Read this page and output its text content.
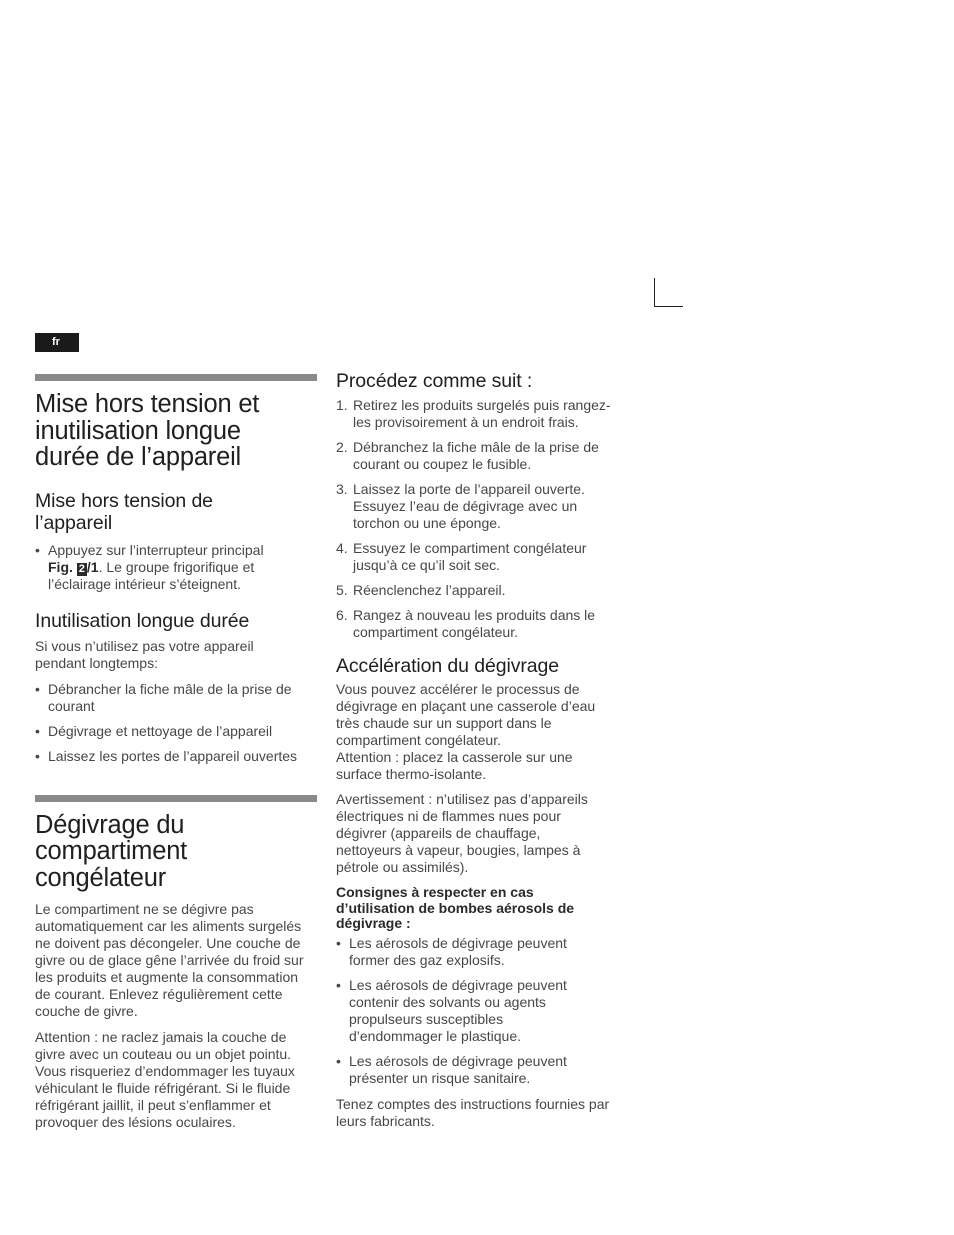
fr
Mise hors tension et inutilisation longue durée de l’appareil
Mise hors tension de l’appareil
• Appuyez sur l’interrupteur principal Fig. 2 /1. Le groupe frigorifique et l’éclairage intérieur s’éteignent.
Inutilisation longue durée

Si vous n’utilisez pas votre appareil pendant longtemps:

• Débrancher la fiche mâle de la prise de courant
• Dégivrage et nettoyage de l’appareil
• Laissez les portes de l’appareil ouvertes
Dégivrage du compartiment congélateur

Le compartiment ne se dégivre pas automatiquement car les aliments surgelés ne doivent pas décongeler. Une couche de givre ou de glace gêne l’arrivée du froid sur les produits et augmente la consommation de courant. Enlevez régulièrement cette couche de givre.

Attention : ne raclez jamais la couche de givre avec un couteau ou un objet pointu. Vous risqueriez d’endommager les tuyaux véhiculant le fluide réfrigérant. Si le fluide réfrigérant jaillit, il peut s’enflammer et provoquer des lésions oculaires.

Procédez comme suit :
1. Retirez les produits surgelés puis rangez-les provisoirement à un endroit frais.
2. Débranchez la fiche mâle de la prise de courant ou coupez le fusible.
3. Laissez la porte de l’appareil ouverte. Essuyez l’eau de dégivrage avec un torchon ou une éponge.
4. Essuyez le compartiment congélateur jusqu’à ce qu’il soit sec.
5. Réenclenchez l’appareil.
6. Rangez à nouveau les produits dans le compartiment congélateur.
Accélération du dégivrage

Vous pouvez accélérer le processus de dégivrage en plaçant une casserole d’eau très chaude sur un support dans le compartiment congélateur.

Attention : placez la casserole sur une surface thermo-isolante.

Avertissement : n’utilisez pas d’appareils électriques ni de flammes nues pour dégivrer (appareils de chauffage, nettoyeurs à vapeur, bougies, lampes à pétrole ou assimilés).

Consignes à respecter en cas d’utilisation de bombes aérosols de dégivrage :

• Les aérosols de dégivrage peuvent former des gaz explosifs.
• Les aérosols de dégivrage peuvent contenir des solvants ou agents propulseurs susceptibles d’endommager le plastique.
• Les aérosols de dégivrage peuvent présenter un risque sanitaire.

Tenez comptes des instructions fournies par leurs fabricants.
